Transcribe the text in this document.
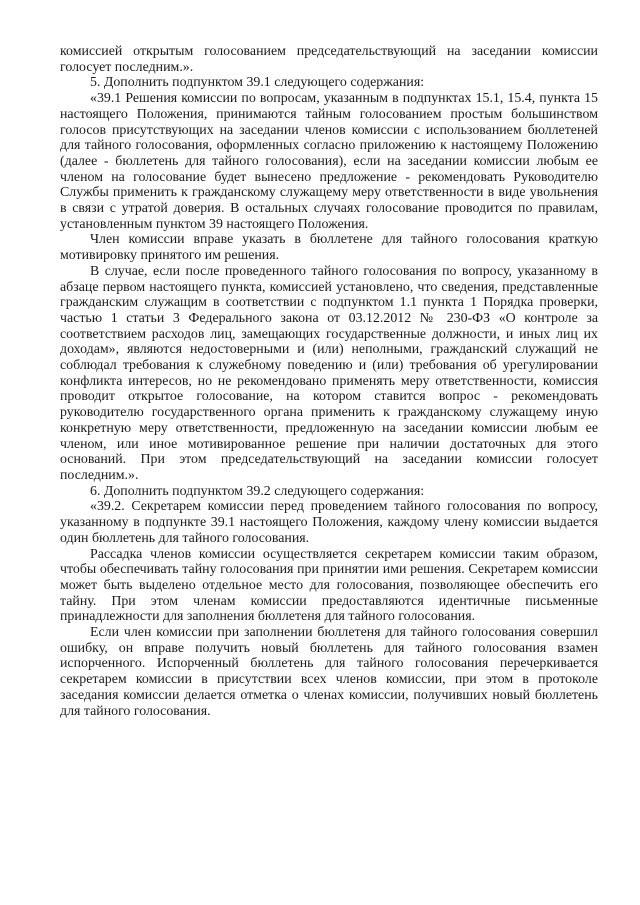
комиссией открытым голосованием председательствующий на заседании комиссии голосует последним.».

5. Дополнить подпунктом 39.1 следующего содержания:

«39.1 Решения комиссии по вопросам, указанным в подпунктах 15.1, 15.4, пункта 15 настоящего Положения, принимаются тайным голосованием простым большинством голосов присутствующих на заседании членов комиссии с использованием бюллетеней для тайного голосования, оформленных согласно приложению к настоящему Положению (далее - бюллетень для тайного голосования), если на заседании комиссии любым ее членом на голосование будет вынесено предложение - рекомендовать Руководителю Службы применить к гражданскому служащему меру ответственности в виде увольнения в связи с утратой доверия. В остальных случаях голосование проводится по правилам, установленным пунктом 39 настоящего Положения.

Член комиссии вправе указать в бюллетене для тайного голосования краткую мотивировку принятого им решения.

В случае, если после проведенного тайного голосования по вопросу, указанному в абзаце первом настоящего пункта, комиссией установлено, что сведения, представленные гражданским служащим в соответствии с подпунктом 1.1 пункта 1 Порядка проверки, частью 1 статьи 3 Федерального закона от 03.12.2012 № 230-ФЗ «О контроле за соответствием расходов лиц, замещающих государственные должности, и иных лиц их доходам», являются недостоверными и (или) неполными, гражданский служащий не соблюдал требования к служебному поведению и (или) требования об урегулировании конфликта интересов, но не рекомендовано применять меру ответственности, комиссия проводит открытое голосование, на котором ставится вопрос - рекомендовать руководителю государственного органа применить к гражданскому служащему иную конкретную меру ответственности, предложенную на заседании комиссии любым ее членом, или иное мотивированное решение при наличии достаточных для этого оснований. При этом председательствующий на заседании комиссии голосует последним.».

6. Дополнить подпунктом 39.2 следующего содержания:

«39.2. Секретарем комиссии перед проведением тайного голосования по вопросу, указанному в подпункте 39.1 настоящего Положения, каждому члену комиссии выдается один бюллетень для тайного голосования.

Рассадка членов комиссии осуществляется секретарем комиссии таким образом, чтобы обеспечивать тайну голосования при принятии ими решения. Секретарем комиссии может быть выделено отдельное место для голосования, позволяющее обеспечить его тайну. При этом членам комиссии предоставляются идентичные письменные принадлежности для заполнения бюллетеня для тайного голосования.

Если член комиссии при заполнении бюллетеня для тайного голосования совершил ошибку, он вправе получить новый бюллетень для тайного голосования взамен испорченного. Испорченный бюллетень для тайного голосования перечеркивается секретарем комиссии в присутствии всех членов комиссии, при этом в протоколе заседания комиссии делается отметка о членах комиссии, получивших новый бюллетень для тайного голосования.
